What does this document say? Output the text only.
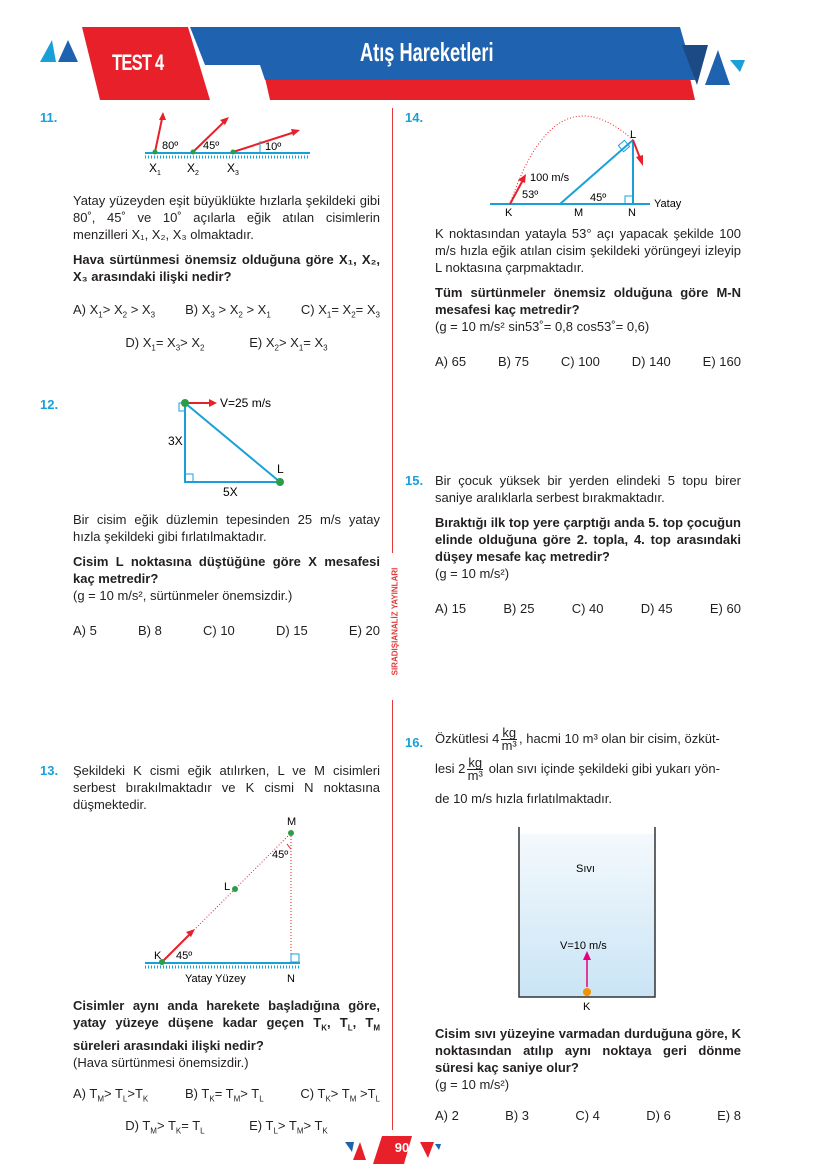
TEST 4	Atış Hareketleri
SIRADIŞIANALİZ YAYINLARI
11.
80º 45º	10º
$X_1$ $X_2$ $X_3$

Yatay yüzeyden eşit büyüklükte hızlarla şekildeki gibi 80˚, 45˚ ve 10˚ açılarla eğik atılan cisimlerin menzilleri X₁, X₂, X₃ olmaktadır.

Hava sürtünmesi önemsiz olduğuna göre X₁, X₂, X₃ arasındaki ilişki nedir?

A) $X_1> X_2 > X_3$ B) $X_3 > X_2 > X_1$ C) $X_1= X_2= X_3$
D) $X_1= X_3> X_2$	E) $X_2> X_1= X_3$
12.	V=25 m/s
3X
5X
L

Bir cisim eğik düzlemin tepesinden 25 m/s yatay hızla şekildeki gibi fırlatılmaktadır.

Cisim L noktasına düştüğüne göre X mesafesi kaç metredir?

(g = 10 m/s², sürtünmeler önemsizdir.)

A) 5	B) 8	C) 10	D) 15	E) 20
13. Şekildeki K cismi eğik atılırken, L ve M cisimleri serbest bırakılmaktadır ve K cismi N noktasına düşmektedir.

M
45º
L
K 45º
N
Yatay Yüzey

Cisimler aynı anda harekete başladığına göre, yatay yüzeye düşene kadar geçen $T_K$, $T_L$, $T_M$ süreleri arasındaki ilişki nedir?

(Hava sürtünmesi önemsizdir.)

A) $T_M> T_L>T_K$	B) $T_K= T_M> T_L$	C) $T_K> T_M >T_L$
D) $T_M> T_K= T_L$	E) $T_L> T_M> T_K$
14.
100 m/s
53º	45º
K	M	N
L
Yatay

K noktasından yatayla 53° açı yapacak şekilde 100 m/s hızla eğik atılan cisim şekildeki yörüngeyi izleyip L noktasına çarpmaktadır.

Tüm sürtünmeler önemsiz olduğuna göre M-N mesafesi kaç metredir?

(g = 10 m/s² sin53˚= 0,8 cos53˚= 0,6)

A) 65 B) 75 C) 100 D) 140 E) 160
15. Bir çocuk yüksek bir yerden elindeki 5 topu birer saniye aralıklarla serbest bırakmaktadır.

Bıraktığı ilk top yere çarptığı anda 5. top çocuğun elinde olduğuna göre 2. topla, 4. top arasındaki düşey mesafe kaç metredir?

(g = 10 m/s²)

A) 15	B) 25	C) 40	D) 45	E) 60
16. Özkütlesi $4 \frac{kg}{\text{m³}}$ , hacmi 10 m³ olan bir cisim, özküt-
lesi $2 \frac{kg}{\text{m³}}$ olan sıvı içinde şekildeki gibi yukarı yön-
de 10 m/s hızla fırlatılmaktadır.
Sıvı
V=10 m/s
K

Cisim sıvı yüzeyine varmadan durduğuna göre, K noktasından atılıp aynı noktaya geri dönme süresi kaç saniye olur?

(g = 10 m/s²)

A) 2	B) 3	C) 4	D) 6	E) 8
90
